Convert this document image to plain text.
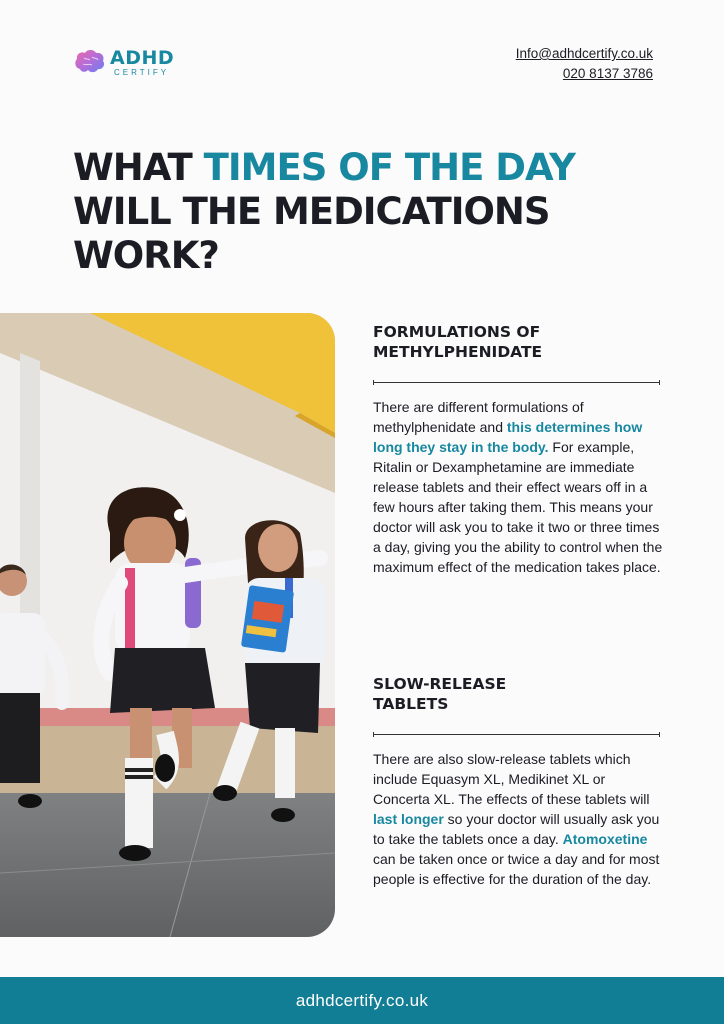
ADHD
CERTIFY
Info@adhdcertify.co.uk
020 8137 3786
WHAT TIMES OF THE DAY
WILL THE MEDICATIONS WORK?
FORMULATIONS OF METHYLPHENIDATE

There are different formulations of methylphenidate and this determines how long they stay in the body. For example, Ritalin or Dexamphetamine are immediate release tablets and their effect wears off in a few hours after taking them. This means your doctor will ask you to take it two or three times a day, giving you the ability to control when the maximum effect of the medication takes place.

SLOW-RELEASE TABLETS

There are also slow-release tablets which include Equasym XL, Medikinet XL or Concerta XL. The effects of these tablets will last longer so your doctor will usually ask you to take the tablets once a day. Atomoxetine can be taken once or twice a day and for most people is effective for the duration of the day.

adhdcertify.co.uk
